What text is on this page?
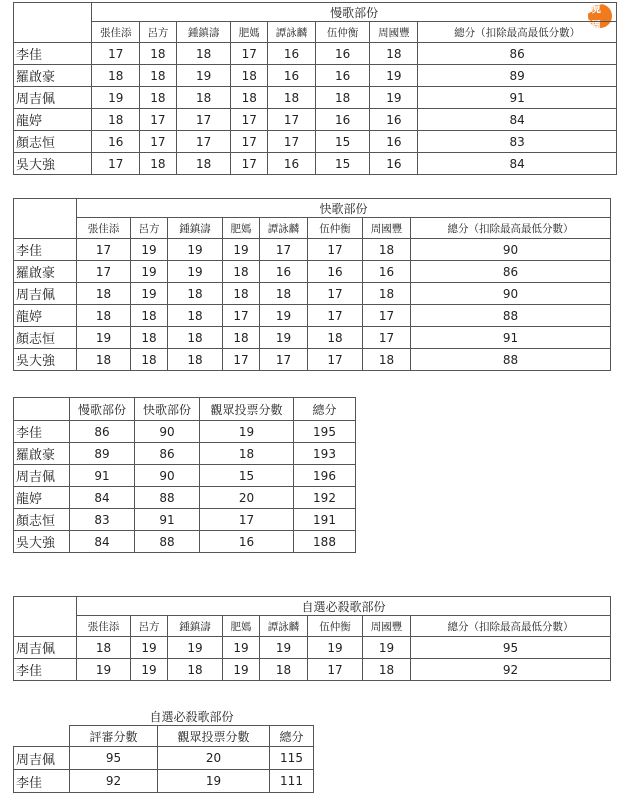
鏡週
	慢歌部份							
	張佳添	呂方	鍾鎮濤	肥媽	譚詠麟	伍仲衡	周國豐	總分（扣除最高最低分數）
李佳	17	18	18	17	16	16	18	86
羅啟豪	18	18	19	18	16	16	19	89
周吉佩	19	18	18	18	18	18	19	91
龍婷	18	17	17	17	17	16	16	84
顏志恒	16	17	17	17	17	15	16	83
吳大強	17	18	18	17	16	15	16	84
	快歌部份							
	張佳添	呂方	鍾鎮濤	肥媽	譚詠麟	伍仲衡	周國豐	總分（扣除最高最低分數）
李佳	17	19	19	19	17	17	18	90
羅啟豪	17	19	19	18	16	16	16	86
周吉佩	18	19	18	18	18	17	18	90
龍婷	18	18	18	17	19	17	17	88
顏志恒	19	18	18	18	19	18	17	91
吳大強	18	18	18	17	17	17	18	88
	慢歌部份	快歌部份	觀眾投票分數	總分
李佳	86	90	19	195
羅啟豪	89	86	18	193
周吉佩	91	90	15	196
龍婷	84	88	20	192
顏志恒	83	91	17	191
吳大強	84	88	16	188
	自選必殺歌部份							
	張佳添	呂方	鍾鎮濤	肥媽	譚詠麟	伍仲衡	周國豐	總分（扣除最高最低分數）
周吉佩	18	19	19	19	19	19	19	95
李佳	19	19	18	19	18	17	18	92
	自選必殺歌部份		
	評審分數	觀眾投票分數	總分
周吉佩	95	20	115
李佳	92	19	111
